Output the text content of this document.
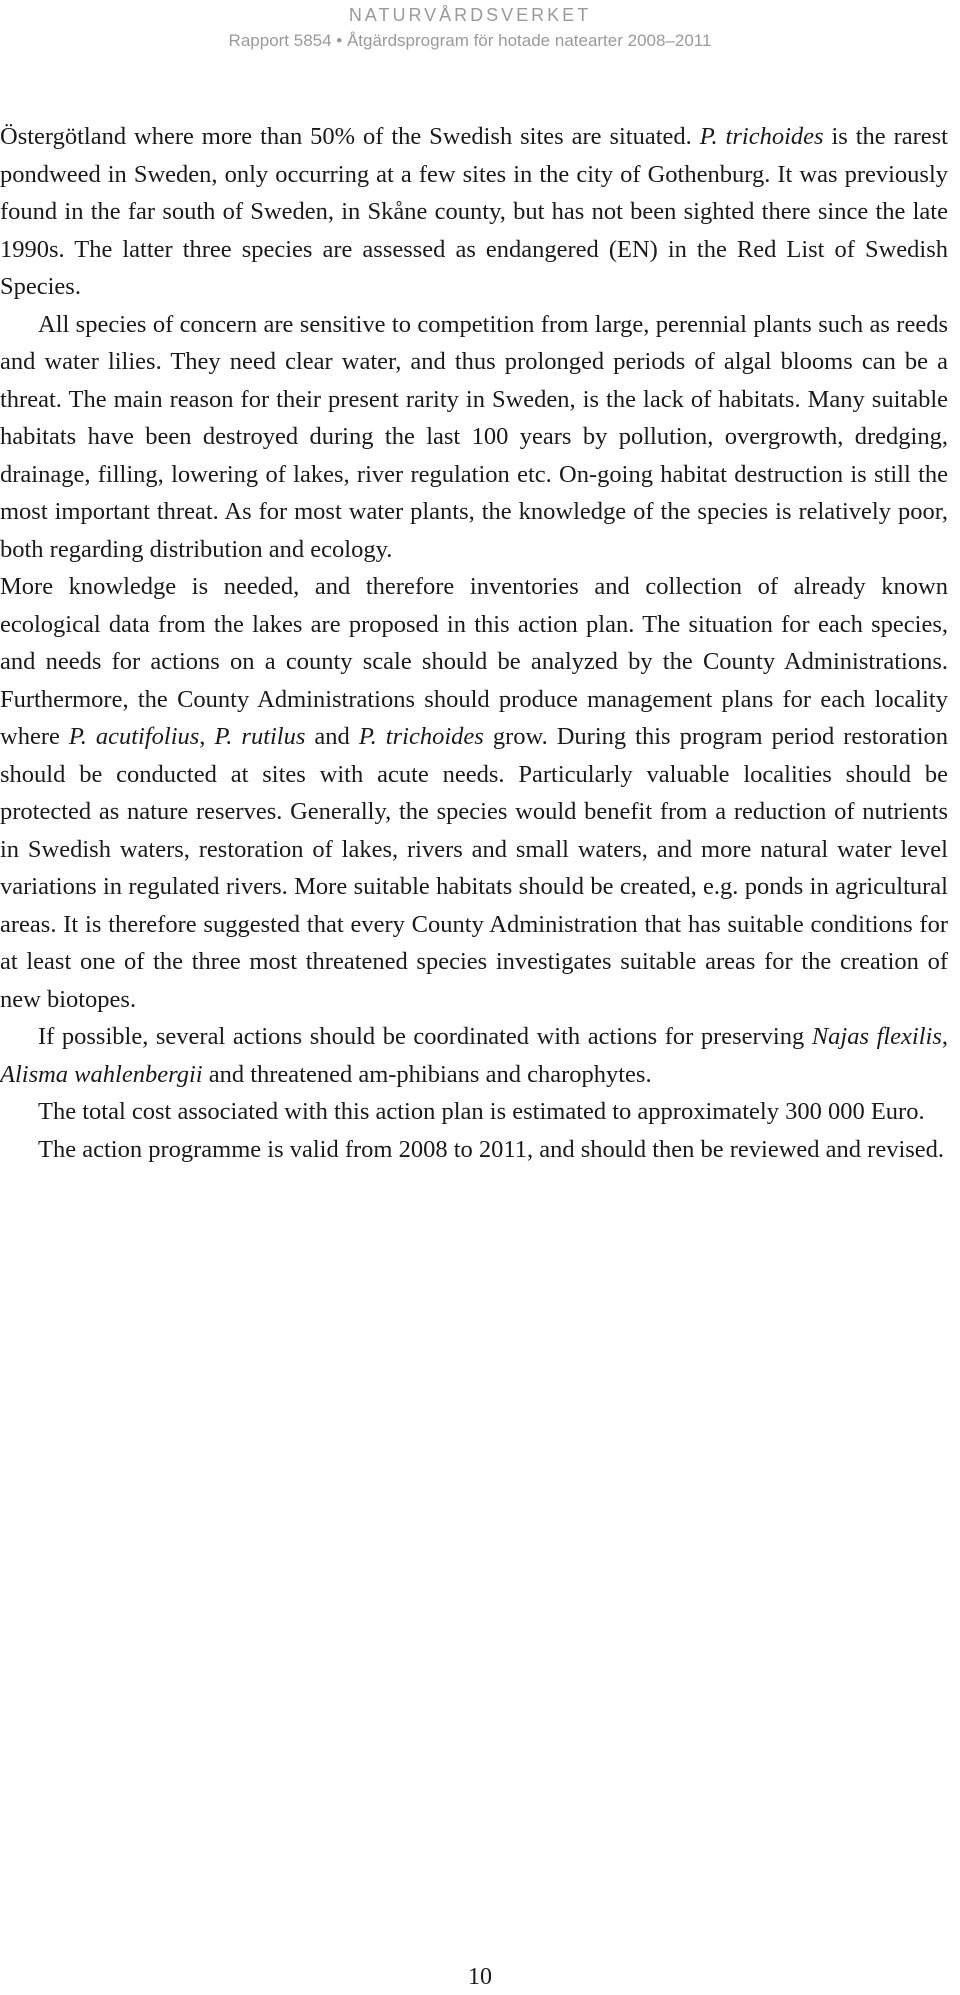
NATURVÅRDSVERKET
Rapport 5854 • Åtgärdsprogram för hotade natearter 2008–2011

Östergötland where more than 50% of the Swedish sites are situated. P. trichoides is the rarest pondweed in Sweden, only occurring at a few sites in the city of Gothenburg. It was previously found in the far south of Sweden, in Skåne county, but has not been sighted there since the late 1990s. The latter three species are assessed as endangered (EN) in the Red List of Swedish Species.

All species of concern are sensitive to competition from large, perennial plants such as reeds and water lilies. They need clear water, and thus prolonged periods of algal blooms can be a threat. The main reason for their present rarity in Sweden, is the lack of habitats. Many suitable habitats have been destroyed during the last 100 years by pollution, overgrowth, dredging, drainage, filling, lowering of lakes, river regulation etc. On-going habitat destruction is still the most important threat. As for most water plants, the knowledge of the species is relatively poor, both regarding distribution and ecology.

More knowledge is needed, and therefore inventories and collection of already known ecological data from the lakes are proposed in this action plan. The situation for each species, and needs for actions on a county scale should be analyzed by the County Administrations. Furthermore, the County Administrations should produce management plans for each locality where P. acutifolius, P. rutilus and P. trichoides grow. During this program period restoration should be conducted at sites with acute needs. Particularly valuable localities should be protected as nature reserves. Generally, the species would benefit from a reduction of nutrients in Swedish waters, restoration of lakes, rivers and small waters, and more natural water level variations in regulated rivers. More suitable habitats should be created, e.g. ponds in agricultural areas. It is therefore suggested that every County Administration that has suitable conditions for at least one of the three most threatened species investigates suitable areas for the creation of new biotopes.

If possible, several actions should be coordinated with actions for preserving Najas flexilis, Alisma wahlenbergii and threatened am-phibians and charophytes.

The total cost associated with this action plan is estimated to approximately 300 000 Euro.

The action programme is valid from 2008 to 2011, and should then be reviewed and revised.

10
